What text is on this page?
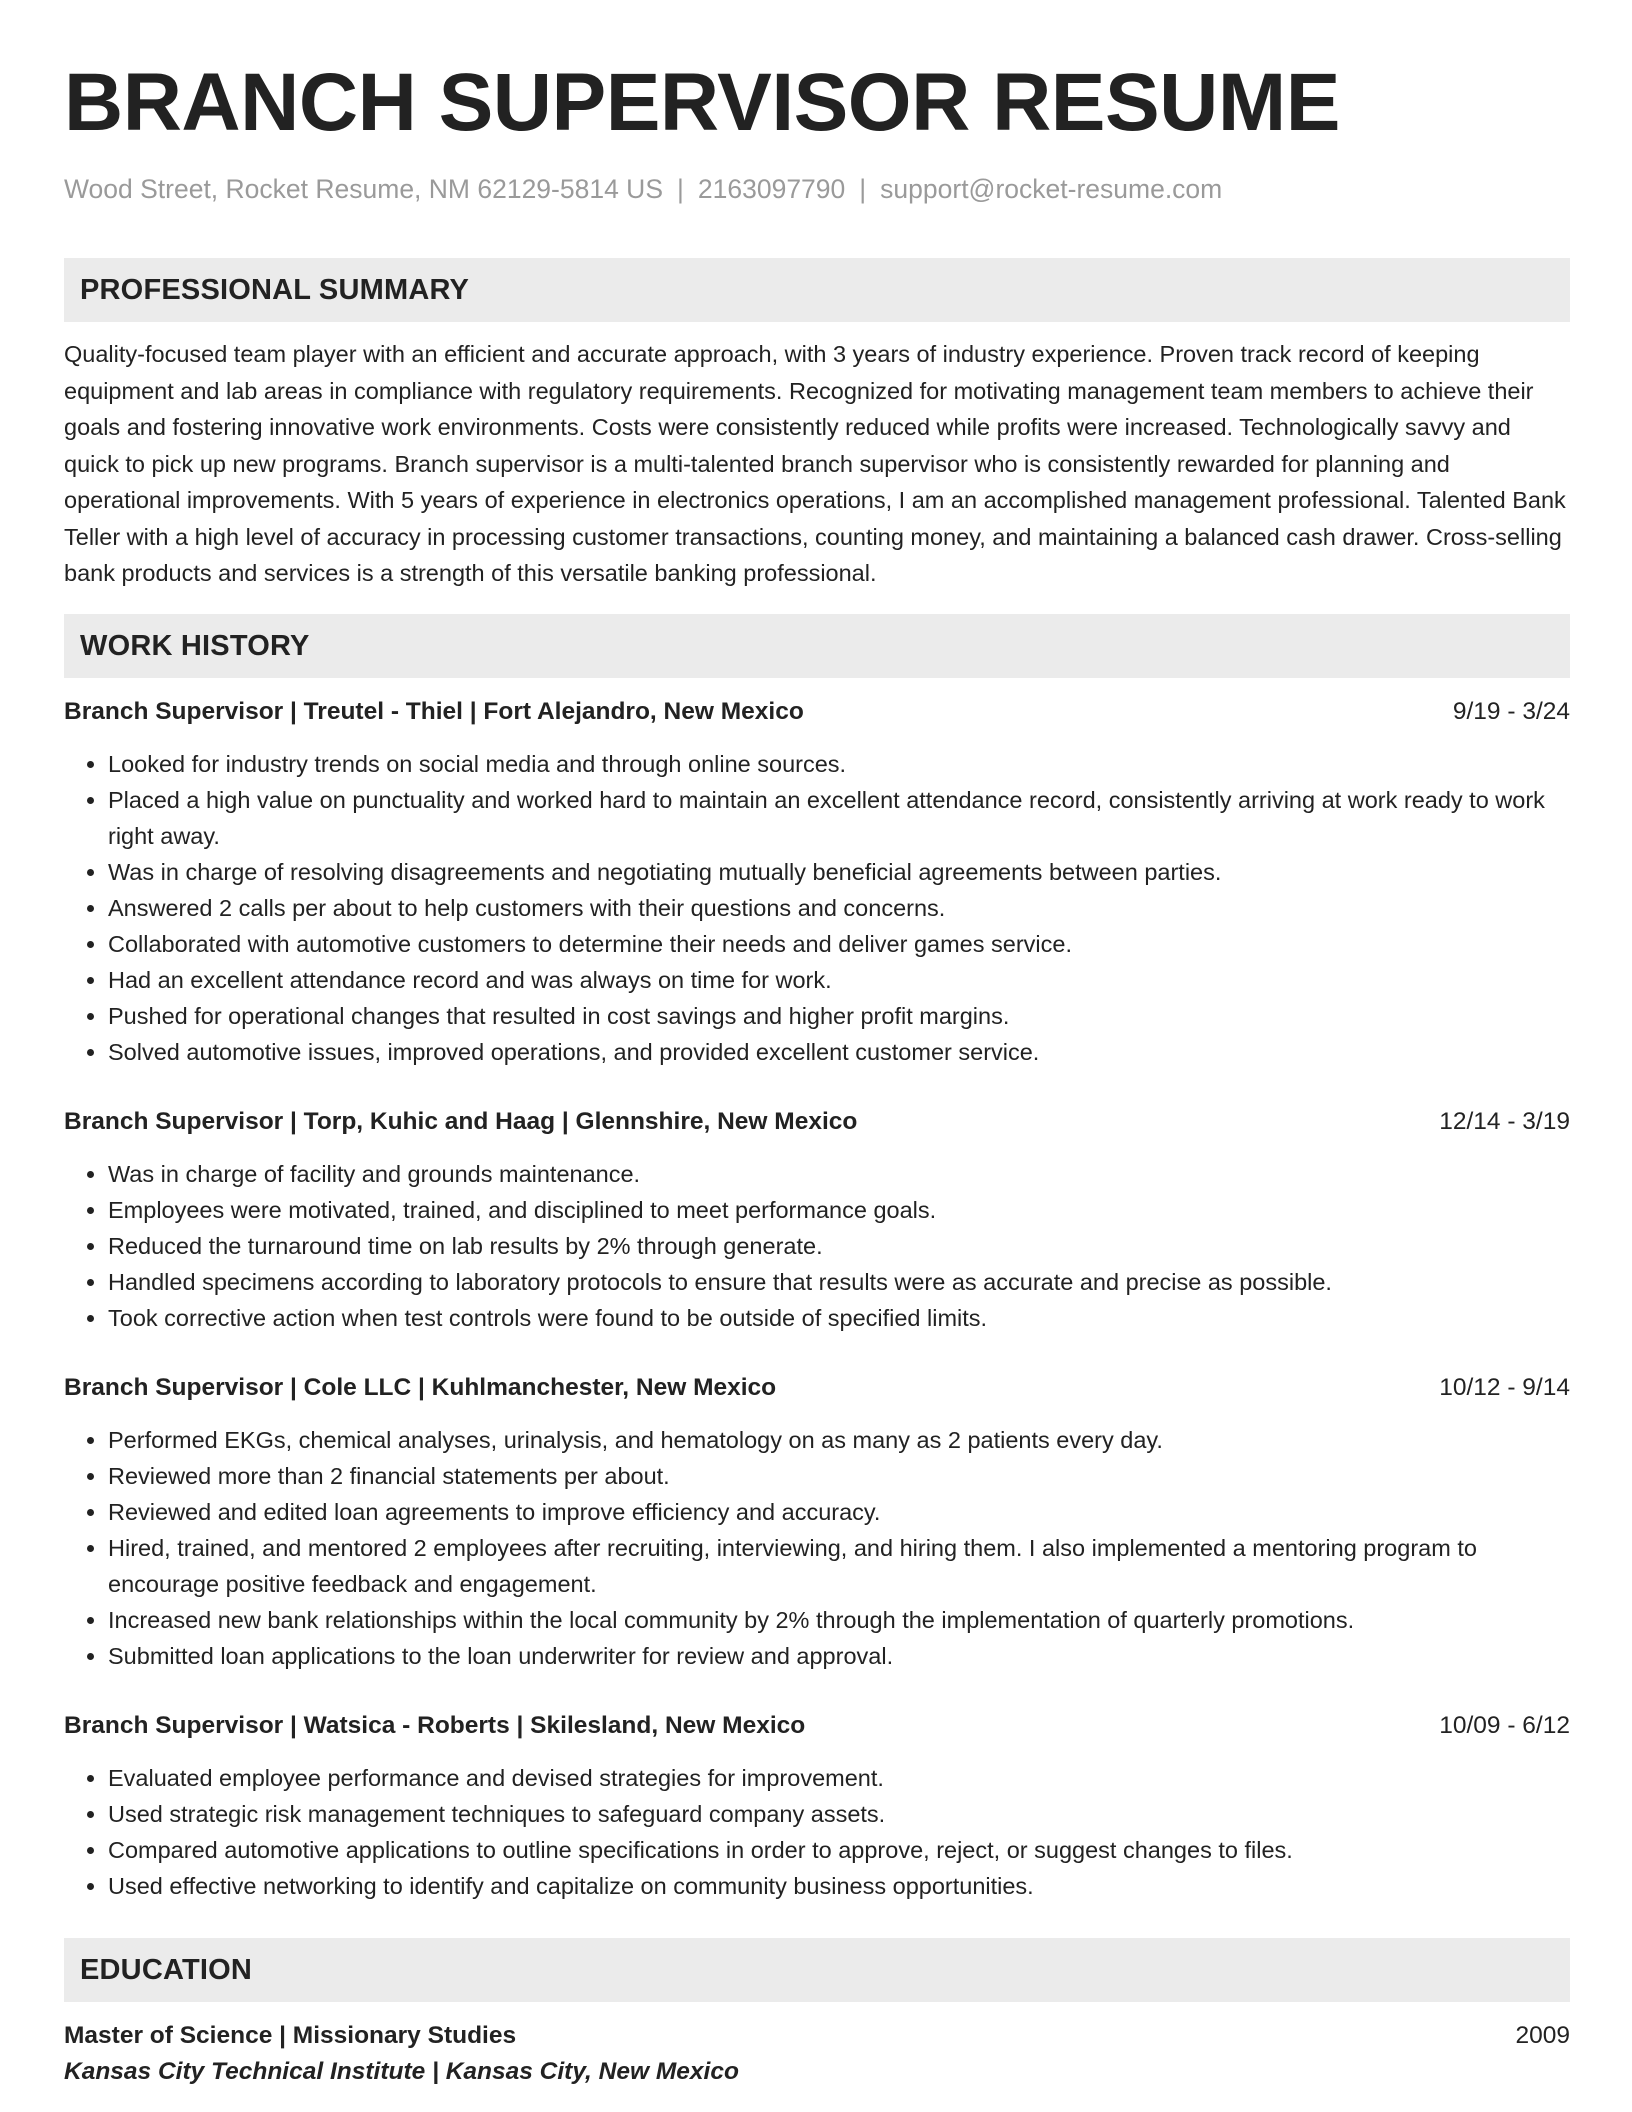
BRANCH SUPERVISOR RESUME
Wood Street, Rocket Resume, NM 62129-5814 US | 2163097790 | support@rocket-resume.com
PROFESSIONAL SUMMARY

Quality-focused team player with an efficient and accurate approach, with 3 years of industry experience. Proven track record of keeping equipment and lab areas in compliance with regulatory requirements. Recognized for motivating management team members to achieve their goals and fostering innovative work environments. Costs were consistently reduced while profits were increased. Technologically savvy and quick to pick up new programs. Branch supervisor is a multi-talented branch supervisor who is consistently rewarded for planning and operational improvements. With 5 years of experience in electronics operations, I am an accomplished management professional. Talented Bank Teller with a high level of accuracy in processing customer transactions, counting money, and maintaining a balanced cash drawer. Cross-selling bank products and services is a strength of this versatile banking professional.

WORK HISTORY
Branch Supervisor | Treutel - Thiel | Fort Alejandro, New Mexico	9/19 - 3/24
• Looked for industry trends on social media and through online sources.
• Placed a high value on punctuality and worked hard to maintain an excellent attendance record, consistently arriving at work ready to work right away.
• Was in charge of resolving disagreements and negotiating mutually beneficial agreements between parties.
• Answered 2 calls per about to help customers with their questions and concerns.
• Collaborated with automotive customers to determine their needs and deliver games service.
• Had an excellent attendance record and was always on time for work.
• Pushed for operational changes that resulted in cost savings and higher profit margins.
• Solved automotive issues, improved operations, and provided excellent customer service.
Branch Supervisor | Torp, Kuhic and Haag | Glennshire, New Mexico	12/14 - 3/19
• Was in charge of facility and grounds maintenance.
• Employees were motivated, trained, and disciplined to meet performance goals.
• Reduced the turnaround time on lab results by 2% through generate.
• Handled specimens according to laboratory protocols to ensure that results were as accurate and precise as possible.
• Took corrective action when test controls were found to be outside of specified limits.
Branch Supervisor | Cole LLC | Kuhlmanchester, New Mexico	10/12 - 9/14
• Performed EKGs, chemical analyses, urinalysis, and hematology on as many as 2 patients every day.
• Reviewed more than 2 financial statements per about.
• Reviewed and edited loan agreements to improve efficiency and accuracy.
• Hired, trained, and mentored 2 employees after recruiting, interviewing, and hiring them. I also implemented a mentoring program to encourage positive feedback and engagement.
• Increased new bank relationships within the local community by 2% through the implementation of quarterly promotions.
• Submitted loan applications to the loan underwriter for review and approval.
Branch Supervisor | Watsica - Roberts | Skilesland, New Mexico	10/09 - 6/12
• Evaluated employee performance and devised strategies for improvement.
• Used strategic risk management techniques to safeguard company assets.
• Compared automotive applications to outline specifications in order to approve, reject, or suggest changes to files.
• Used effective networking to identify and capitalize on community business opportunities.
EDUCATION
Master of Science | Missionary Studies	2009
Kansas City Technical Institute | Kansas City, New Mexico
